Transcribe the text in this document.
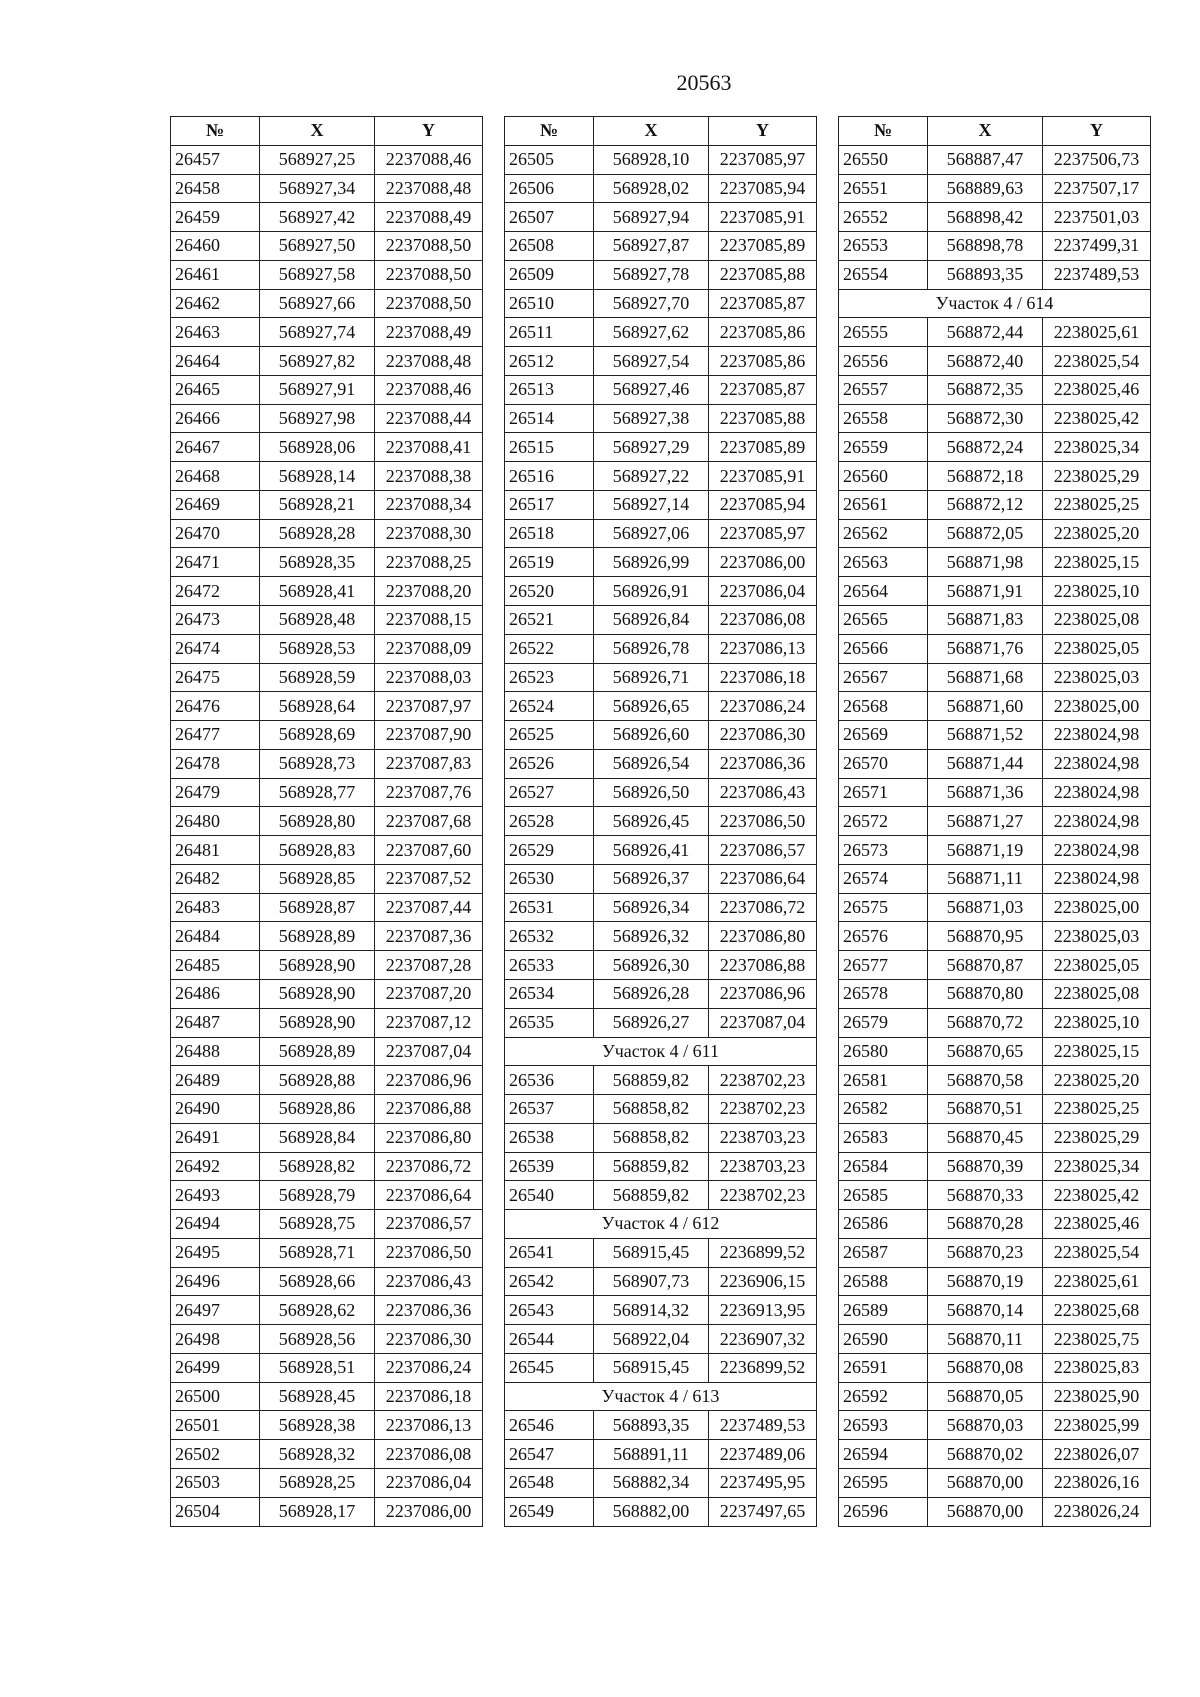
20563
№	X	Y
26457	568927,25	2237088,46
26458	568927,34	2237088,48
26459	568927,42	2237088,49
26460	568927,50	2237088,50
26461	568927,58	2237088,50
26462	568927,66	2237088,50
26463	568927,74	2237088,49
26464	568927,82	2237088,48
26465	568927,91	2237088,46
26466	568927,98	2237088,44
26467	568928,06	2237088,41
26468	568928,14	2237088,38
26469	568928,21	2237088,34
26470	568928,28	2237088,30
26471	568928,35	2237088,25
26472	568928,41	2237088,20
26473	568928,48	2237088,15
26474	568928,53	2237088,09
26475	568928,59	2237088,03
26476	568928,64	2237087,97
26477	568928,69	2237087,90
26478	568928,73	2237087,83
26479	568928,77	2237087,76
26480	568928,80	2237087,68
26481	568928,83	2237087,60
26482	568928,85	2237087,52
26483	568928,87	2237087,44
26484	568928,89	2237087,36
26485	568928,90	2237087,28
26486	568928,90	2237087,20
26487	568928,90	2237087,12
26488	568928,89	2237087,04
26489	568928,88	2237086,96
26490	568928,86	2237086,88
26491	568928,84	2237086,80
26492	568928,82	2237086,72
26493	568928,79	2237086,64
26494	568928,75	2237086,57
26495	568928,71	2237086,50
26496	568928,66	2237086,43
26497	568928,62	2237086,36
26498	568928,56	2237086,30
26499	568928,51	2237086,24
26500	568928,45	2237086,18
26501	568928,38	2237086,13
26502	568928,32	2237086,08
26503	568928,25	2237086,04
26504	568928,17	2237086,00
№	X	Y
26505	568928,10	2237085,97
26506	568928,02	2237085,94
26507	568927,94	2237085,91
26508	568927,87	2237085,89
26509	568927,78	2237085,88
26510	568927,70	2237085,87
26511	568927,62	2237085,86
26512	568927,54	2237085,86
26513	568927,46	2237085,87
26514	568927,38	2237085,88
26515	568927,29	2237085,89
26516	568927,22	2237085,91
26517	568927,14	2237085,94
26518	568927,06	2237085,97
26519	568926,99	2237086,00
26520	568926,91	2237086,04
26521	568926,84	2237086,08
26522	568926,78	2237086,13
26523	568926,71	2237086,18
26524	568926,65	2237086,24
26525	568926,60	2237086,30
26526	568926,54	2237086,36
26527	568926,50	2237086,43
26528	568926,45	2237086,50
26529	568926,41	2237086,57
26530	568926,37	2237086,64
26531	568926,34	2237086,72
26532	568926,32	2237086,80
26533	568926,30	2237086,88
26534	568926,28	2237086,96
26535	568926,27	2237087,04
Участок 4 / 611		
26536	568859,82	2238702,23
26537	568858,82	2238702,23
26538	568858,82	2238703,23
26539	568859,82	2238703,23
26540	568859,82	2238702,23
Участок 4 / 612		
26541	568915,45	2236899,52
26542	568907,73	2236906,15
26543	568914,32	2236913,95
26544	568922,04	2236907,32
26545	568915,45	2236899,52
Участок 4 / 613		
26546	568893,35	2237489,53
26547	568891,11	2237489,06
26548	568882,34	2237495,95
26549	568882,00	2237497,65
№	X	Y
26550	568887,47	2237506,73
26551	568889,63	2237507,17
26552	568898,42	2237501,03
26553	568898,78	2237499,31
26554	568893,35	2237489,53
Участок 4 / 614		
26555	568872,44	2238025,61
26556	568872,40	2238025,54
26557	568872,35	2238025,46
26558	568872,30	2238025,42
26559	568872,24	2238025,34
26560	568872,18	2238025,29
26561	568872,12	2238025,25
26562	568872,05	2238025,20
26563	568871,98	2238025,15
26564	568871,91	2238025,10
26565	568871,83	2238025,08
26566	568871,76	2238025,05
26567	568871,68	2238025,03
26568	568871,60	2238025,00
26569	568871,52	2238024,98
26570	568871,44	2238024,98
26571	568871,36	2238024,98
26572	568871,27	2238024,98
26573	568871,19	2238024,98
26574	568871,11	2238024,98
26575	568871,03	2238025,00
26576	568870,95	2238025,03
26577	568870,87	2238025,05
26578	568870,80	2238025,08
26579	568870,72	2238025,10
26580	568870,65	2238025,15
26581	568870,58	2238025,20
26582	568870,51	2238025,25
26583	568870,45	2238025,29
26584	568870,39	2238025,34
26585	568870,33	2238025,42
26586	568870,28	2238025,46
26587	568870,23	2238025,54
26588	568870,19	2238025,61
26589	568870,14	2238025,68
26590	568870,11	2238025,75
26591	568870,08	2238025,83
26592	568870,05	2238025,90
26593	568870,03	2238025,99
26594	568870,02	2238026,07
26595	568870,00	2238026,16
26596	568870,00	2238026,24
